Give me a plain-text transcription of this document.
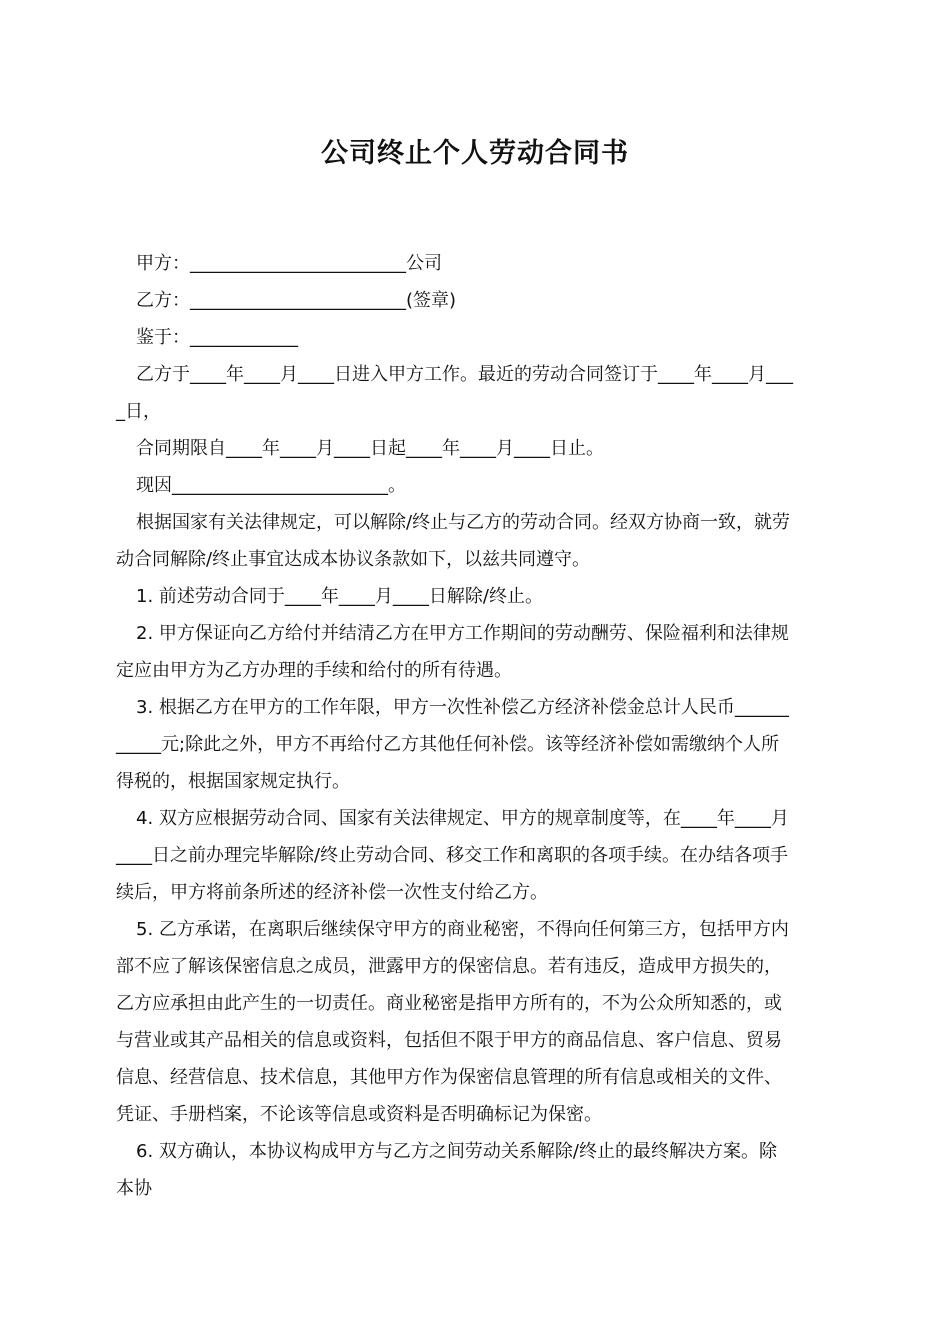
公司终止个人劳动合同书

甲方：________________________公司

乙方：________________________(签章)

鉴于：____________

乙方于____年____月____日进入甲方工作。最近的劳动合同签订于____年____月___

_日，

合同期限自____年____月____日起____年____月____日止。

现因________________________。

根据国家有关法律规定，可以解除/终止与乙方的劳动合同。经双方协商一致，就劳

动合同解除/终止事宜达成本协议条款如下，以兹共同遵守。

1. 前述劳动合同于____年____月____日解除/终止。

2. 甲方保证向乙方给付并结清乙方在甲方工作期间的劳动酬劳、保险福利和法律规

定应由甲方为乙方办理的手续和给付的所有待遇。

3. 根据乙方在甲方的工作年限，甲方一次性补偿乙方经济补偿金总计人民币______

_____元;除此之外，甲方不再给付乙方其他任何补偿。该等经济补偿如需缴纳个人所

得税的，根据国家规定执行。

4. 双方应根据劳动合同、国家有关法律规定、甲方的规章制度等，在____年____月

____日之前办理完毕解除/终止劳动合同、移交工作和离职的各项手续。在办结各项手

续后，甲方将前条所述的经济补偿一次性支付给乙方。

5. 乙方承诺，在离职后继续保守甲方的商业秘密，不得向任何第三方，包括甲方内

部不应了解该保密信息之成员，泄露甲方的保密信息。若有违反，造成甲方损失的，

乙方应承担由此产生的一切责任。商业秘密是指甲方所有的，不为公众所知悉的，或

与营业或其产品相关的信息或资料，包括但不限于甲方的商品信息、客户信息、贸易

信息、经营信息、技术信息，其他甲方作为保密信息管理的所有信息或相关的文件、

凭证、手册档案，不论该等信息或资料是否明确标记为保密。

6. 双方确认，本协议构成甲方与乙方之间劳动关系解除/终止的最终解决方案。除

本协
